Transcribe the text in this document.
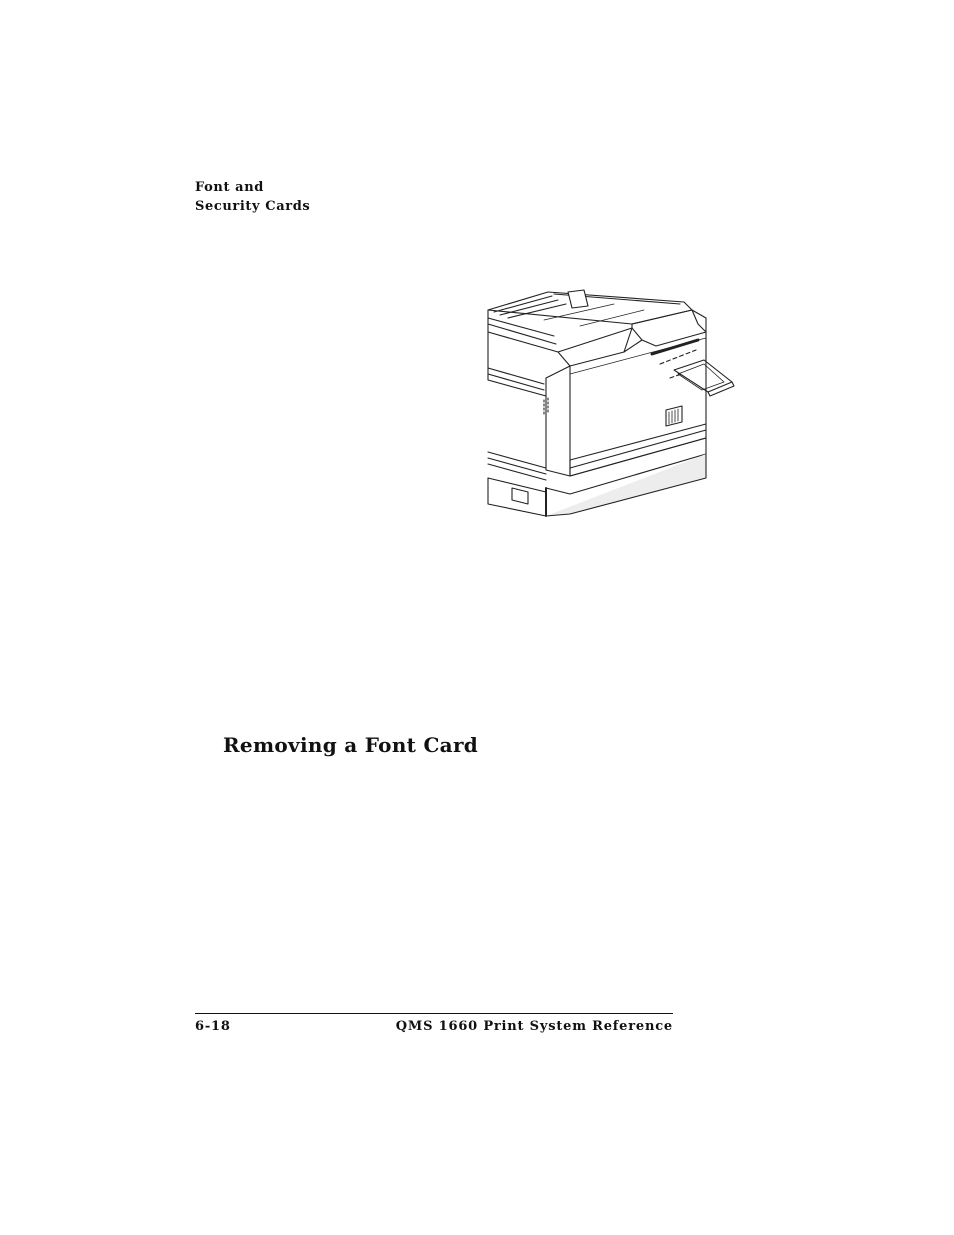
Font and
Security Cards
Removing a Font Card
6-18	QMS 1660 Print System Reference
